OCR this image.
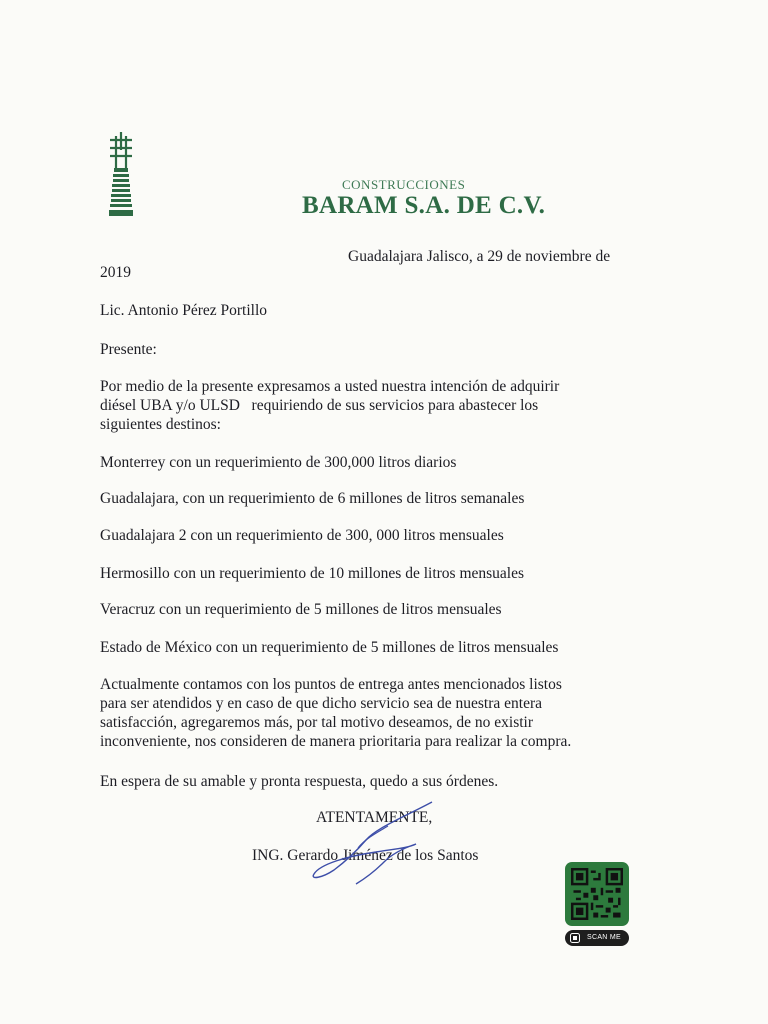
CONSTRUCCIONES
BARAM S.A. DE C.V.
Guadalajara Jalisco, a 29 de noviembre de
2019
Lic. Antonio Pérez Portillo
Presente:
Por medio de la presente expresamos a usted nuestra intención de adquirir
diésel UBA y/o ULSD   requiriendo de sus servicios para abastecer los
siguientes destinos:
Monterrey con un requerimiento de 300,000 litros diarios
Guadalajara, con un requerimiento de 6 millones de litros semanales
Guadalajara 2 con un requerimiento de 300, 000 litros mensuales
Hermosillo con un requerimiento de 10 millones de litros mensuales
Veracruz con un requerimiento de 5 millones de litros mensuales
Estado de México con un requerimiento de 5 millones de litros mensuales
Actualmente contamos con los puntos de entrega antes mencionados listos
para ser atendidos y en caso de que dicho servicio sea de nuestra entera
satisfacción, agregaremos más, por tal motivo deseamos, de no existir
inconveniente, nos consideren de manera prioritaria para realizar la compra.
En espera de su amable y pronta respuesta, quedo a sus órdenes.
ATENTAMENTE,
ING. Gerardo Jiménez de los Santos
SCAN ME
